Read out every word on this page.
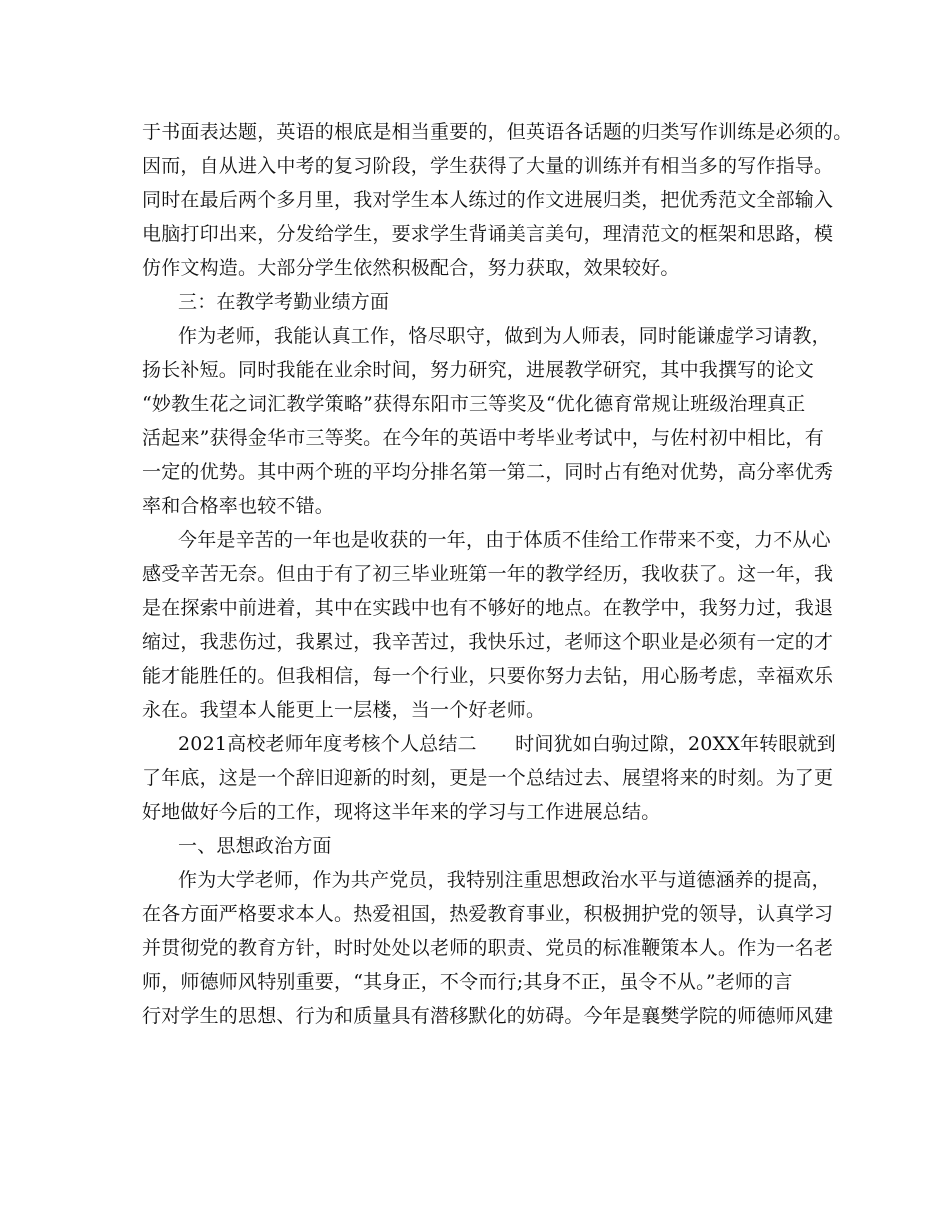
于书面表达题，英语的根底是相当重要的，但英语各话题的归类写作训练是必须的。
因而，自从进入中考的复习阶段，学生获得了大量的训练并有相当多的写作指导。
同时在最后两个多月里，我对学生本人练过的作文进展归类，把优秀范文全部输入
电脑打印出来，分发给学生，要求学生背诵美言美句，理清范文的框架和思路，模
仿作文构造。大部分学生依然积极配合，努力获取，效果较好。
三：在教学考勤业绩方面
作为老师，我能认真工作，恪尽职守，做到为人师表，同时能谦虚学习请教，
扬长补短。同时我能在业余时间，努力研究，进展教学研究，其中我撰写的论文
“妙教生花之词汇教学策略”获得东阳市三等奖及“优化德育常规让班级治理真正
活起来”获得金华市三等奖。在今年的英语中考毕业考试中，与佐村初中相比，有
一定的优势。其中两个班的平均分排名第一第二，同时占有绝对优势，高分率优秀
率和合格率也较不错。
今年是辛苦的一年也是收获的一年，由于体质不佳给工作带来不变，力不从心
感受辛苦无奈。但由于有了初三毕业班第一年的教学经历，我收获了。这一年，我
是在探索中前进着，其中在实践中也有不够好的地点。在教学中，我努力过，我退
缩过，我悲伤过，我累过，我辛苦过，我快乐过，老师这个职业是必须有一定的才
能才能胜任的。但我相信，每一个行业，只要你努力去钻，用心肠考虑，幸福欢乐
永在。我望本人能更上一层楼，当一个好老师。
2021高校老师年度考核个人总结二　　时间犹如白驹过隙，20XX年转眼就到
了年底，这是一个辞旧迎新的时刻，更是一个总结过去、展望将来的时刻。为了更
好地做好今后的工作，现将这半年来的学习与工作进展总结。
一、思想政治方面
作为大学老师，作为共产党员，我特别注重思想政治水平与道德涵养的提高，
在各方面严格要求本人。热爱祖国，热爱教育事业，积极拥护党的领导，认真学习
并贯彻党的教育方针，时时处处以老师的职责、党员的标准鞭策本人。作为一名老
师，师德师风特别重要，“其身正，不令而行;其身不正，虽令不从。”老师的言
行对学生的思想、行为和质量具有潜移默化的妨碍。今年是襄樊学院的师德师风建
